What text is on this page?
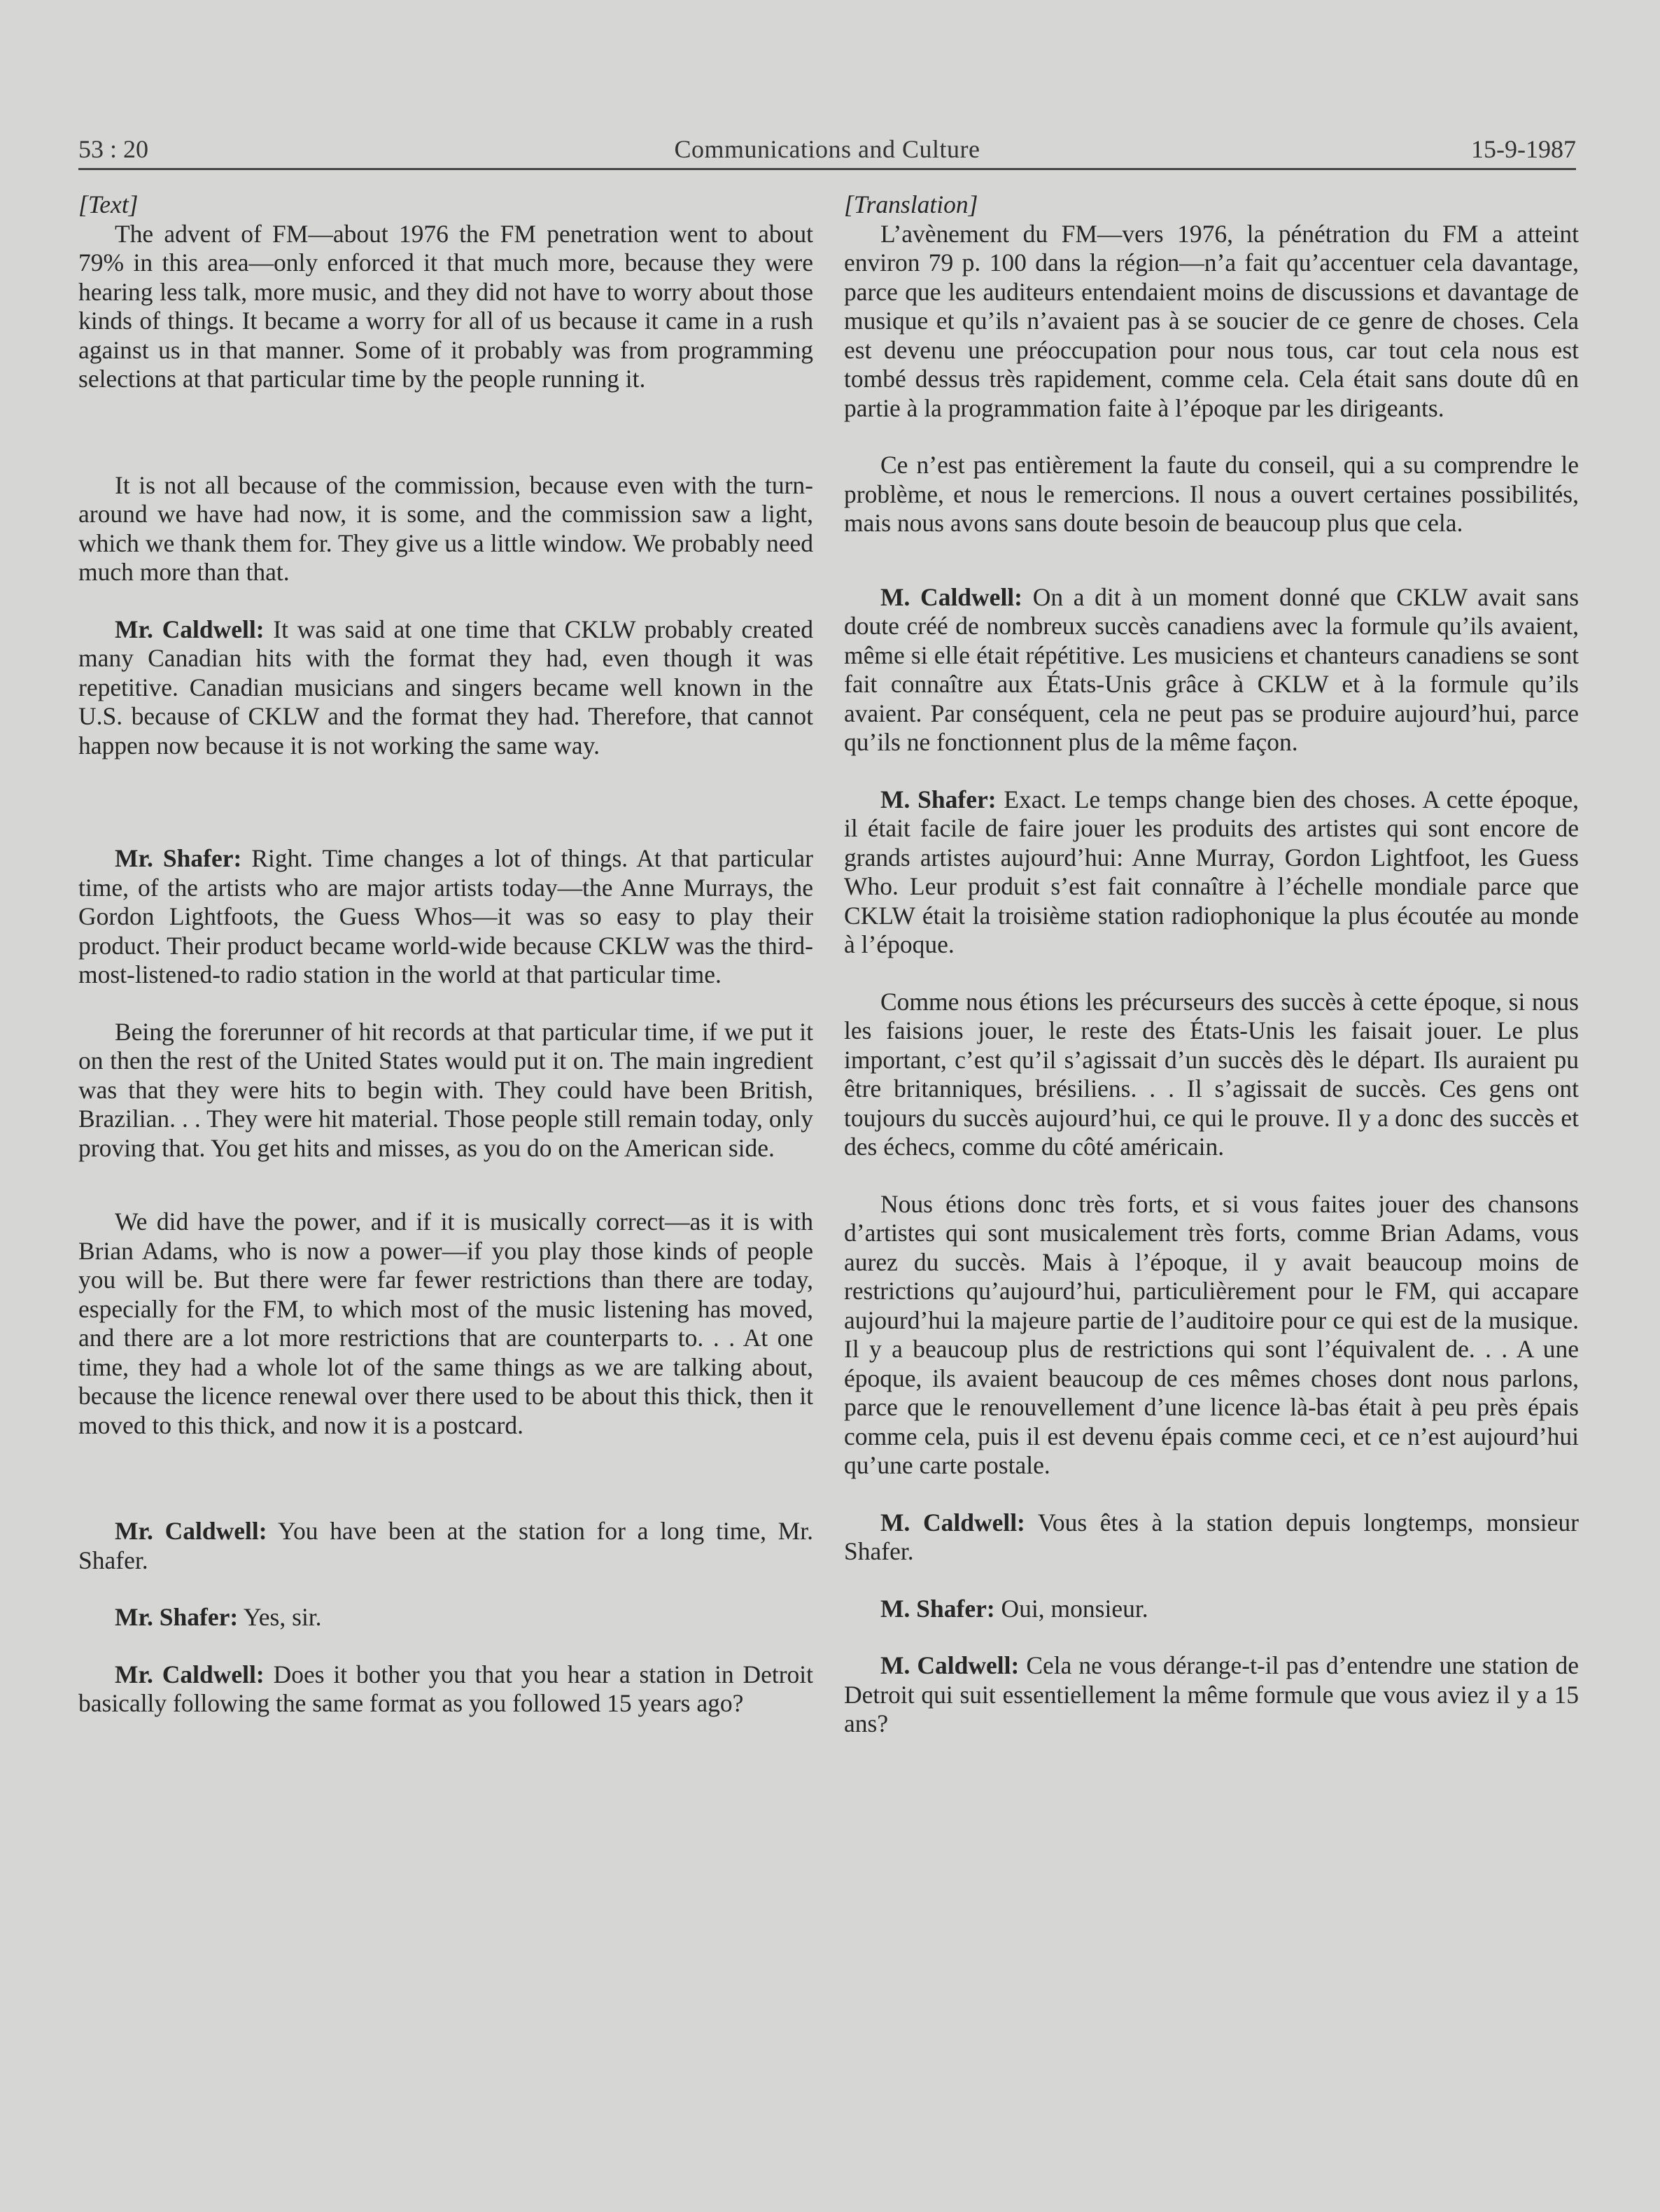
53 : 20	Communications and Culture	15-9-1987

[Text]

The advent of FM—about 1976 the FM penetration went to about 79% in this area—only enforced it that much more, because they were hearing less talk, more music, and they did not have to worry about those kinds of things. It became a worry for all of us because it came in a rush against us in that manner. Some of it probably was from programming selections at that particular time by the people running it.

It is not all because of the commission, because even with the turn-around we have had now, it is some, and the commission saw a light, which we thank them for. They give us a little window. We probably need much more than that.

Mr. Caldwell: It was said at one time that CKLW probably created many Canadian hits with the format they had, even though it was repetitive. Canadian musicians and singers became well known in the U.S. because of CKLW and the format they had. Therefore, that cannot happen now because it is not working the same way.

Mr. Shafer: Right. Time changes a lot of things. At that particular time, of the artists who are major artists today—the Anne Murrays, the Gordon Lightfoots, the Guess Whos—it was so easy to play their product. Their product became world-wide because CKLW was the third-most-listened-to radio station in the world at that particular time.

Being the forerunner of hit records at that particular time, if we put it on then the rest of the United States would put it on. The main ingredient was that they were hits to begin with. They could have been British, Brazilian. . . They were hit material. Those people still remain today, only proving that. You get hits and misses, as you do on the American side.

We did have the power, and if it is musically correct—as it is with Brian Adams, who is now a power—if you play those kinds of people you will be. But there were far fewer restrictions than there are today, especially for the FM, to which most of the music listening has moved, and there are a lot more restrictions that are counterparts to. . . At one time, they had a whole lot of the same things as we are talking about, because the licence renewal over there used to be about this thick, then it moved to this thick, and now it is a postcard.

Mr. Caldwell: You have been at the station for a long time, Mr. Shafer.

Mr. Shafer: Yes, sir.

Mr. Caldwell: Does it bother you that you hear a station in Detroit basically following the same format as you followed 15 years ago?

[Translation]

L’avènement du FM—vers 1976, la pénétration du FM a atteint environ 79 p. 100 dans la région—n’a fait qu’accentuer cela davantage, parce que les auditeurs entendaient moins de discussions et davantage de musique et qu’ils n’avaient pas à se soucier de ce genre de choses. Cela est devenu une préoccupation pour nous tous, car tout cela nous est tombé dessus très rapidement, comme cela. Cela était sans doute dû en partie à la programmation faite à l’époque par les dirigeants.

Ce n’est pas entièrement la faute du conseil, qui a su comprendre le problème, et nous le remercions. Il nous a ouvert certaines possibilités, mais nous avons sans doute besoin de beaucoup plus que cela.

M. Caldwell: On a dit à un moment donné que CKLW avait sans doute créé de nombreux succès canadiens avec la formule qu’ils avaient, même si elle était répétitive. Les musiciens et chanteurs canadiens se sont fait connaître aux États-Unis grâce à CKLW et à la formule qu’ils avaient. Par conséquent, cela ne peut pas se produire aujourd’hui, parce qu’ils ne fonctionnent plus de la même façon.

M. Shafer: Exact. Le temps change bien des choses. A cette époque, il était facile de faire jouer les produits des artistes qui sont encore de grands artistes aujourd’hui: Anne Murray, Gordon Lightfoot, les Guess Who. Leur produit s’est fait connaître à l’échelle mondiale parce que CKLW était la troisième station radiophonique la plus écoutée au monde à l’époque.

Comme nous étions les précurseurs des succès à cette époque, si nous les faisions jouer, le reste des États-Unis les faisait jouer. Le plus important, c’est qu’il s’agissait d’un succès dès le départ. Ils auraient pu être britanniques, brésiliens. . . Il s’agissait de succès. Ces gens ont toujours du succès aujourd’hui, ce qui le prouve. Il y a donc des succès et des échecs, comme du côté américain.

Nous étions donc très forts, et si vous faites jouer des chansons d’artistes qui sont musicalement très forts, comme Brian Adams, vous aurez du succès. Mais à l’époque, il y avait beaucoup moins de restrictions qu’aujourd’hui, particulièrement pour le FM, qui accapare aujourd’hui la majeure partie de l’auditoire pour ce qui est de la musique. Il y a beaucoup plus de restrictions qui sont l’équivalent de. . . A une époque, ils avaient beaucoup de ces mêmes choses dont nous parlons, parce que le renouvellement d’une licence là-bas était à peu près épais comme cela, puis il est devenu épais comme ceci, et ce n’est aujourd’hui qu’une carte postale.

M. Caldwell: Vous êtes à la station depuis longtemps, monsieur Shafer.

M. Shafer: Oui, monsieur.

M. Caldwell: Cela ne vous dérange-t-il pas d’entendre une station de Detroit qui suit essentiellement la même formule que vous aviez il y a 15 ans?
